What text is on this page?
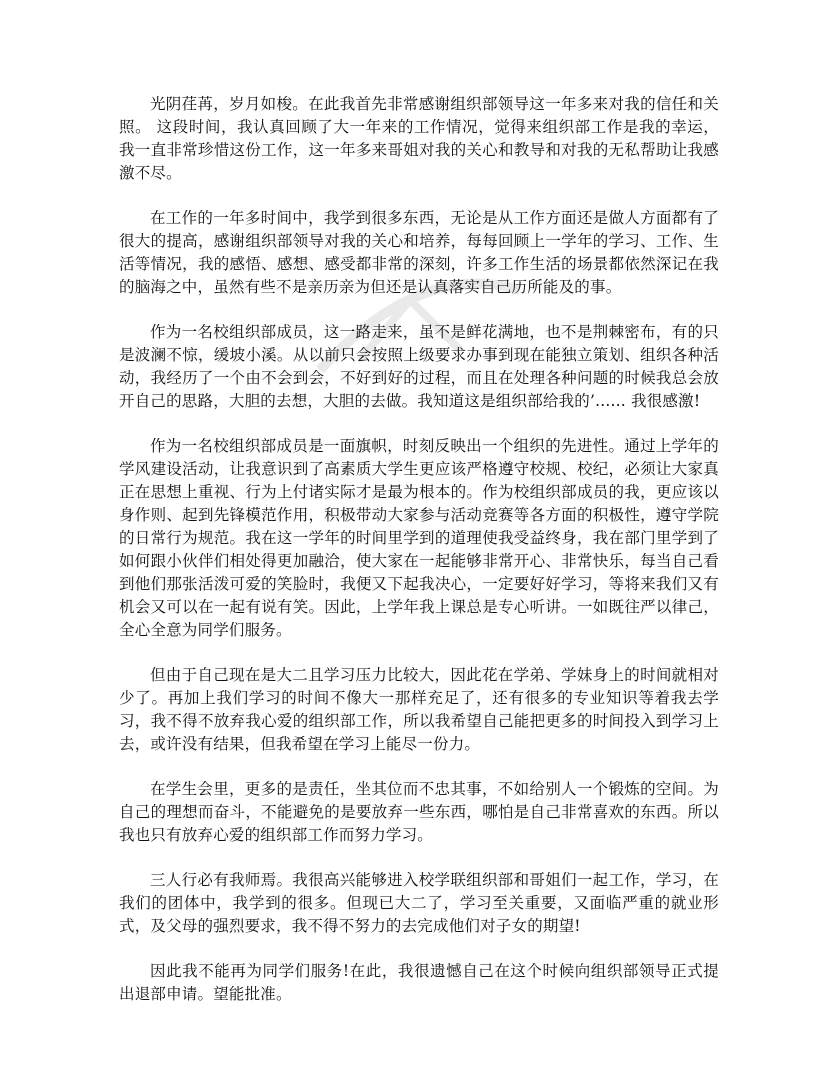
光阴荏苒，岁月如梭。在此我首先非常感谢组织部领导这一年多来对我的信任和关照。 这段时间，我认真回顾了大一年来的工作情况，觉得来组织部工作是我的幸运，我一直非常珍惜这份工作，这一年多来哥姐对我的关心和教导和对我的无私帮助让我感激不尽。

在工作的一年多时间中，我学到很多东西，无论是从工作方面还是做人方面都有了很大的提高，感谢组织部领导对我的关心和培养，每每回顾上一学年的学习、工作、生活等情况，我的感悟、感想、感受都非常的深刻，许多工作生活的场景都依然深记在我的脑海之中，虽然有些不是亲历亲为但还是认真落实自己历所能及的事。

作为一名校组织部成员，这一路走来，虽不是鲜花满地，也不是荆棘密布，有的只是波澜不惊，缓坡小溪。从以前只会按照上级要求办事到现在能独立策划、组织各种活动，我经历了一个由不会到会，不好到好的过程，而且在处理各种问题的时候我总会放开自己的思路，大胆的去想，大胆的去做。我知道这是组织部给我的’...... 我很感激!

作为一名校组织部成员是一面旗帜，时刻反映出一个组织的先进性。通过上学年的学风建设活动，让我意识到了高素质大学生更应该严格遵守校规、校纪，必须让大家真正在思想上重视、行为上付诸实际才是最为根本的。作为校组织部成员的我，更应该以身作则、起到先锋模范作用，积极带动大家参与活动竞赛等各方面的积极性，遵守学院的日常行为规范。我在这一学年的时间里学到的道理使我受益终身，我在部门里学到了如何跟小伙伴们相处得更加融洽，使大家在一起能够非常开心、非常快乐，每当自己看到他们那张活泼可爱的笑脸时，我便又下起我决心，一定要好好学习，等将来我们又有机会又可以在一起有说有笑。因此，上学年我上课总是专心听讲。一如既往严以律己，全心全意为同学们服务。

但由于自己现在是大二且学习压力比较大，因此花在学弟、学妹身上的时间就相对少了。再加上我们学习的时间不像大一那样充足了，还有很多的专业知识等着我去学习，我不得不放弃我心爱的组织部工作，所以我希望自己能把更多的时间投入到学习上去，或许没有结果，但我希望在学习上能尽一份力。

在学生会里，更多的是责任，坐其位而不忠其事，不如给别人一个锻炼的空间。为自己的理想而奋斗，不能避免的是要放弃一些东西，哪怕是自己非常喜欢的东西。所以我也只有放弃心爱的组织部工作而努力学习。

三人行必有我师焉。我很高兴能够进入校学联组织部和哥姐们一起工作，学习，在我们的团体中，我学到的很多。但现已大二了，学习至关重要，又面临严重的就业形式，及父母的强烈要求，我不得不努力的去完成他们对子女的期望!

因此我不能再为同学们服务!在此，我很遗憾自己在这个时候向组织部领导正式提出退部申请。望能批准。
